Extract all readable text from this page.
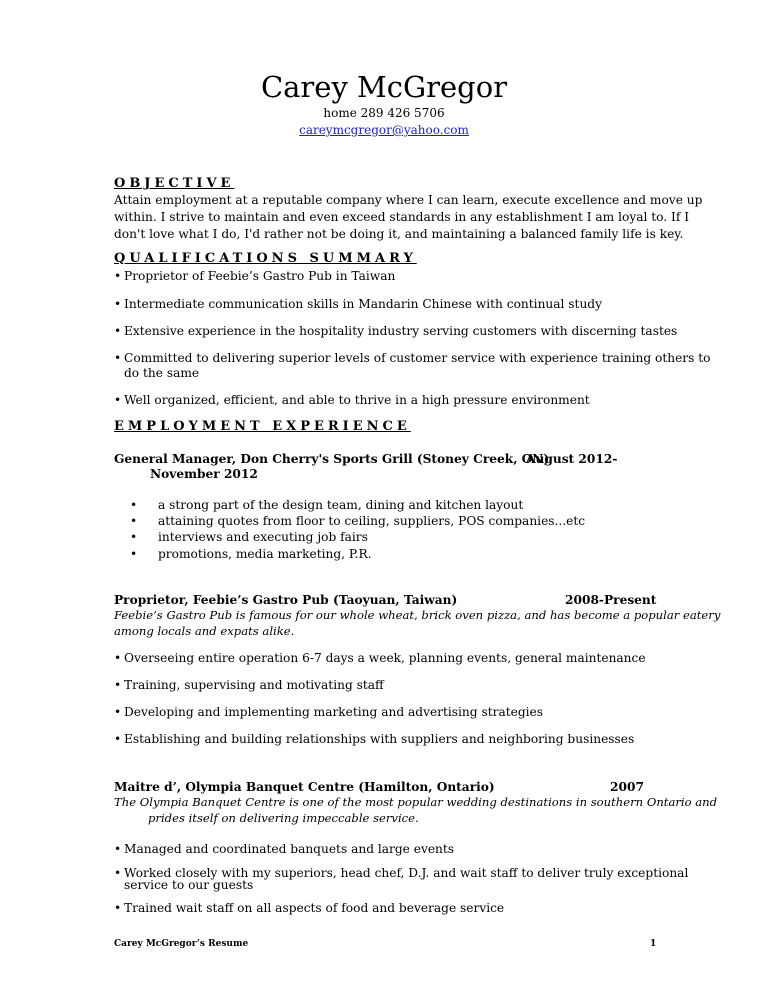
Carey McGregor
home 289 426 5706
careymcgregor@yahoo.com
OBJECTIVE
Attain employment at a reputable company where I can learn, execute excellence and move up
within. I strive to maintain and even exceed standards in any establishment I am loyal to. If I
don't love what I do, I'd rather not be doing it, and maintaining a balanced family life is key.
QUALIFICATIONS SUMMARY
• Proprietor of Feebie’s Gastro Pub in Taiwan
• Intermediate communication skills in Mandarin Chinese with continual study
• Extensive experience in the hospitality industry serving customers with discerning tastes
• Committed to delivering superior levels of customer service with experience training others to
do the same
• Well organized, efficient, and able to thrive in a high pressure environment
EMPLOYMENT EXPERIENCE
General Manager, Don Cherry's Sports Grill (Stoney Creek, ON)
August 2012-
November 2012
• a strong part of the design team, dining and kitchen layout
• attaining quotes from floor to ceiling, suppliers, POS companies...etc
• interviews and executing job fairs
• promotions, media marketing, P.R.
Proprietor, Feebie’s Gastro Pub (Taoyuan, Taiwan)	2008-Present
Feebie’s Gastro Pub is famous for our whole wheat, brick oven pizza, and has become a popular eatery
among locals and expats alike.
• Overseeing entire operation 6-7 days a week, planning events, general maintenance
• Training, supervising and motivating staff
• Developing and implementing marketing and advertising strategies
• Establishing and building relationships with suppliers and neighboring businesses
Maitre d’, Olympia Banquet Centre (Hamilton, Ontario)	2007
The Olympia Banquet Centre is one of the most popular wedding destinations in southern Ontario and
prides itself on delivering impeccable service.
• Managed and coordinated banquets and large events
• Worked closely with my superiors, head chef, D.J. and wait staff to deliver truly exceptional
service to our guests
• Trained wait staff on all aspects of food and beverage service
Carey McGregor’s Resume	1
